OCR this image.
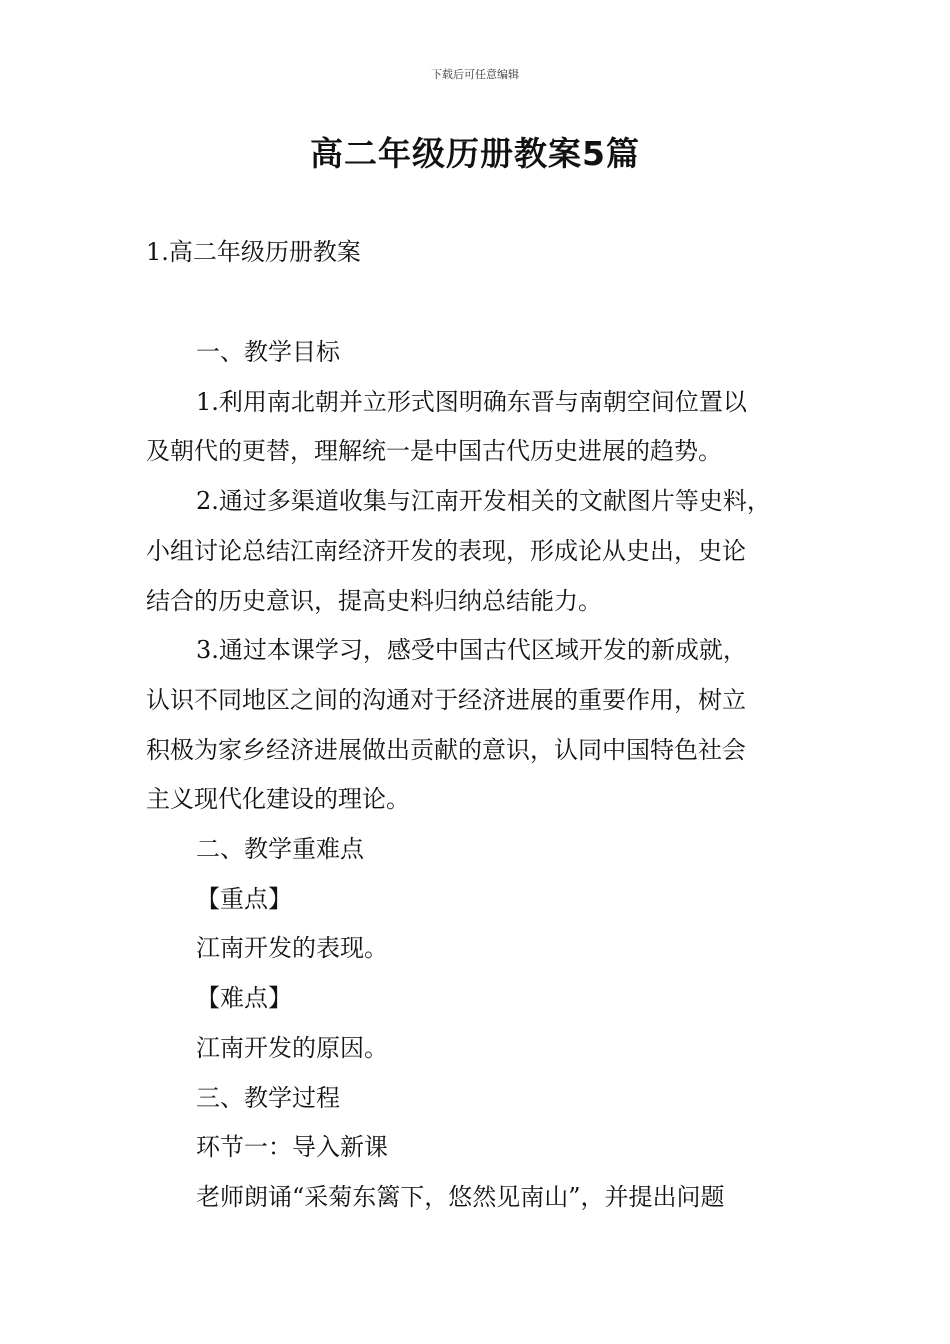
下载后可任意编辑
高二年级历册教案5篇
1.高二年级历册教案

一、教学目标

1.利用南北朝并立形式图明确东晋与南朝空间位置以

及朝代的更替，理解统一是中国古代历史进展的趋势。

2.通过多渠道收集与江南开发相关的文献图片等史料，

小组讨论总结江南经济开发的表现，形成论从史出，史论

结合的历史意识，提高史料归纳总结能力。

3.通过本课学习，感受中国古代区域开发的新成就，

认识不同地区之间的沟通对于经济进展的重要作用，树立

积极为家乡经济进展做出贡献的意识，认同中国特色社会

主义现代化建设的理论。

二、教学重难点

【重点】

江南开发的表现。

【难点】

江南开发的原因。

三、教学过程

环节一：导入新课

老师朗诵“采菊东篱下，悠然见南山”，并提出问题
